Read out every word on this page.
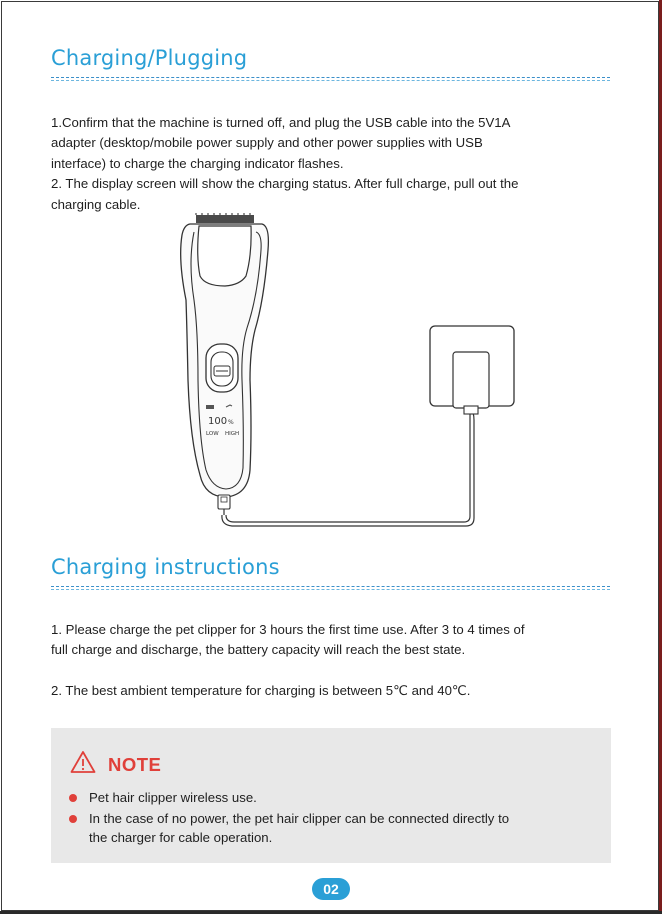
Charging/Plugging

1.Confirm that the machine is turned off, and plug the USB cable into the 5V1A

adapter (desktop/mobile power supply and other power supplies with USB

interface) to charge the charging indicator flashes.

2. The display screen will show the charging status. After full charge, pull out the

charging cable.

100 %
LOW HIGH
Charging instructions

1. Please charge the pet clipper for 3 hours the first time use. After 3 to 4 times of

full charge and discharge, the battery capacity will reach the best state.

2. The best ambient temperature for charging is between 5℃ and 40℃.

NOTE
Pet hair clipper wireless use.
In the case of no power, the pet hair clipper can be connected directly to
the charger for cable operation.
02
